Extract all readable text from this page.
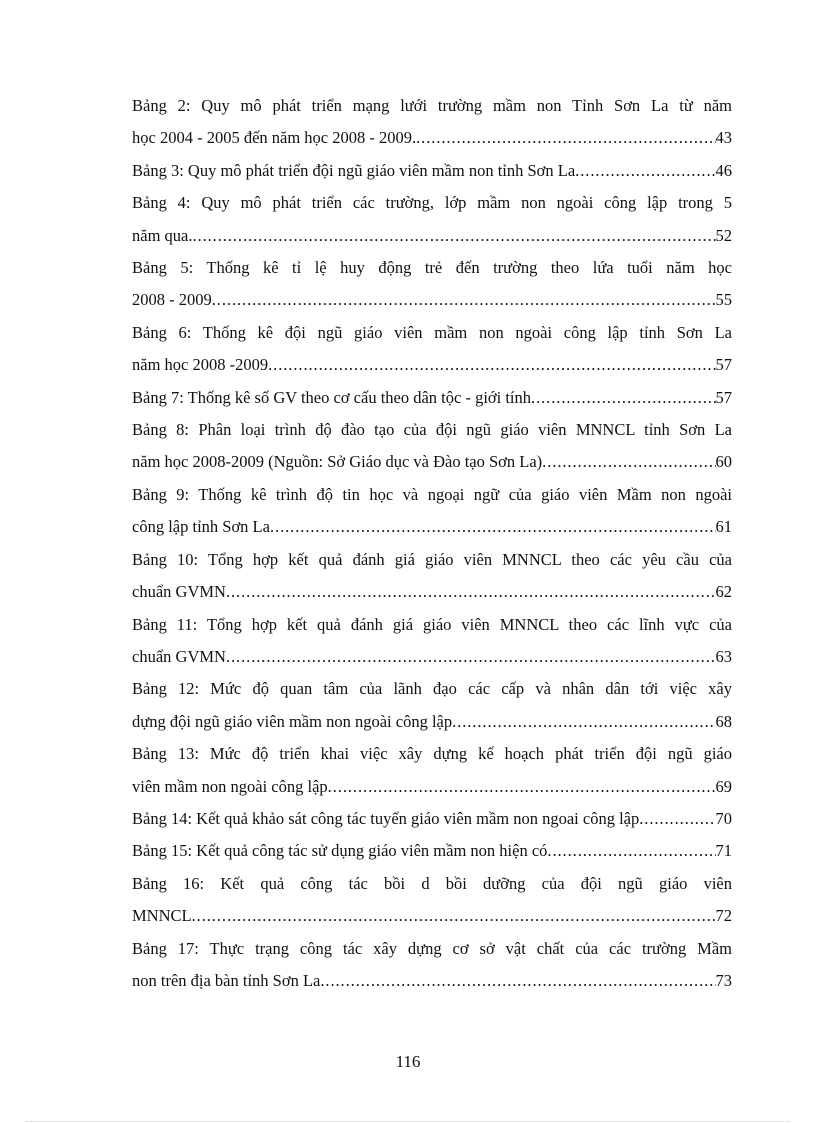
Bảng 2: Quy mô phát triển mạng lưới trường mầm non Tỉnh Sơn La từ năm
học 2004 - 2005 đến năm học 2008 - 2009. . . .	43
Bảng 3: Quy mô phát triển đội ngũ giáo viên mầm non tỉnh Sơn La . . .	46
Bảng 4: Quy mô phát triển các trường, lớp mầm non ngoài công lập trong 5
năm qua. . . .	52
Bảng 5: Thống kê tỉ lệ huy động trẻ đến trường theo lứa tuổi năm học
2008 - 2009 . . .	55
Bảng 6: Thống kê đội ngũ giáo viên mầm non ngoài công lập tỉnh Sơn La
năm học 2008 -2009 . . .	57
Bảng 7: Thống kê số GV theo cơ cấu theo dân tộc - giới tính . . .	57
Bảng 8: Phân loại trình độ đào tạo của đội ngũ giáo viên MNNCL tỉnh Sơn La
năm học 2008-2009 (Nguồn: Sở Giáo dục và Đào tạo Sơn La) . . .	60
Bảng 9: Thống kê trình độ tin học và ngoại ngữ của giáo viên Mầm non ngoài
công lập tỉnh Sơn La . . .	61
Bảng 10: Tổng hợp kết quả đánh giá giáo viên MNNCL theo các yêu cầu của
chuẩn GVMN . . .	62
Bảng 11: Tổng hợp kết quả đánh giá giáo viên MNNCL theo các lĩnh vực của
chuẩn GVMN . . .	63
Bảng 12: Mức độ quan tâm của lãnh đạo các cấp và nhân dân tới việc xây
dựng đội ngũ giáo viên mầm non ngoài công lập . . .	68
Bảng 13: Mức độ triển khai việc xây dựng kế hoạch phát triển đội ngũ giáo
viên mầm non ngoài công lập . . .	69
Bảng 14: Kết quả khảo sát công tác tuyển giáo viên mầm non ngoai công lập . . .	70
Bảng 15: Kết quả công tác sử dụng giáo viên mầm non hiện có . . .	71
Bảng 16: Kết quả công tác bồi d bồi dưỡng của đội ngũ giáo viên
MNNCL . . .	72
Bảng 17: Thực trạng công tác xây dựng cơ sở vật chất của các trường Mầm
non trên địa bàn tỉnh Sơn La . . .	73
116
